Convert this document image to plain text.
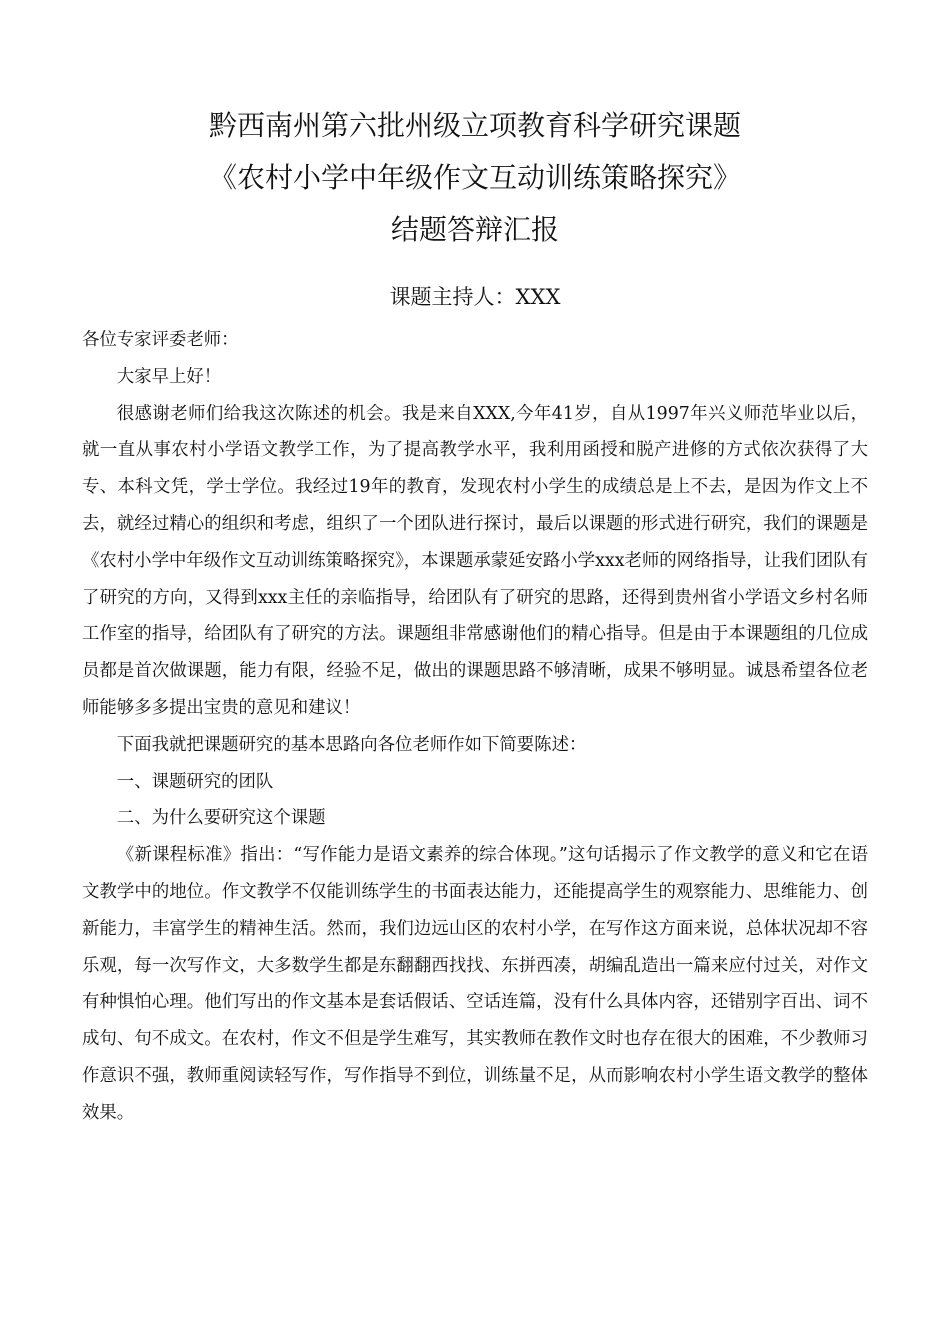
黔西南州第六批州级立项教育科学研究课题
《农村小学中年级作文互动训练策略探究》
结题答辩汇报
课题主持人：XXX

各位专家评委老师：

大家早上好！

很感谢老师们给我这次陈述的机会。我是来自XXX,今年41岁，自从1997年兴义师范毕业以后，就一直从事农村小学语文教学工作，为了提高教学水平，我利用函授和脱产进修的方式依次获得了大专、本科文凭，学士学位。我经过19年的教育，发现农村小学生的成绩总是上不去，是因为作文上不去，就经过精心的组织和考虑，组织了一个团队进行探讨，最后以课题的形式进行研究，我们的课题是《农村小学中年级作文互动训练策略探究》，本课题承蒙延安路小学xxx老师的网络指导，让我们团队有了研究的方向，又得到xxx主任的亲临指导，给团队有了研究的思路，还得到贵州省小学语文乡村名师工作室的指导，给团队有了研究的方法。课题组非常感谢他们的精心指导。但是由于本课题组的几位成员都是首次做课题，能力有限，经验不足，做出的课题思路不够清晰，成果不够明显。诚恳希望各位老师能够多多提出宝贵的意见和建议！

下面我就把课题研究的基本思路向各位老师作如下简要陈述：

一、课题研究的团队

二、为什么要研究这个课题

《新课程标准》指出：“写作能力是语文素养的综合体现。”这句话揭示了作文教学的意义和它在语文教学中的地位。作文教学不仅能训练学生的书面表达能力，还能提高学生的观察能力、思维能力、创新能力，丰富学生的精神生活。然而，我们边远山区的农村小学，在写作这方面来说，总体状况却不容乐观，每一次写作文，大多数学生都是东翻翻西找找、东拼西凑，胡编乱造出一篇来应付过关，对作文有种惧怕心理。他们写出的作文基本是套话假话、空话连篇，没有什么具体内容，还错别字百出、词不成句、句不成文。在农村，作文不但是学生难写，其实教师在教作文时也存在很大的困难，不少教师习作意识不强，教师重阅读轻写作，写作指导不到位，训练量不足，从而影响农村小学生语文教学的整体效果。
